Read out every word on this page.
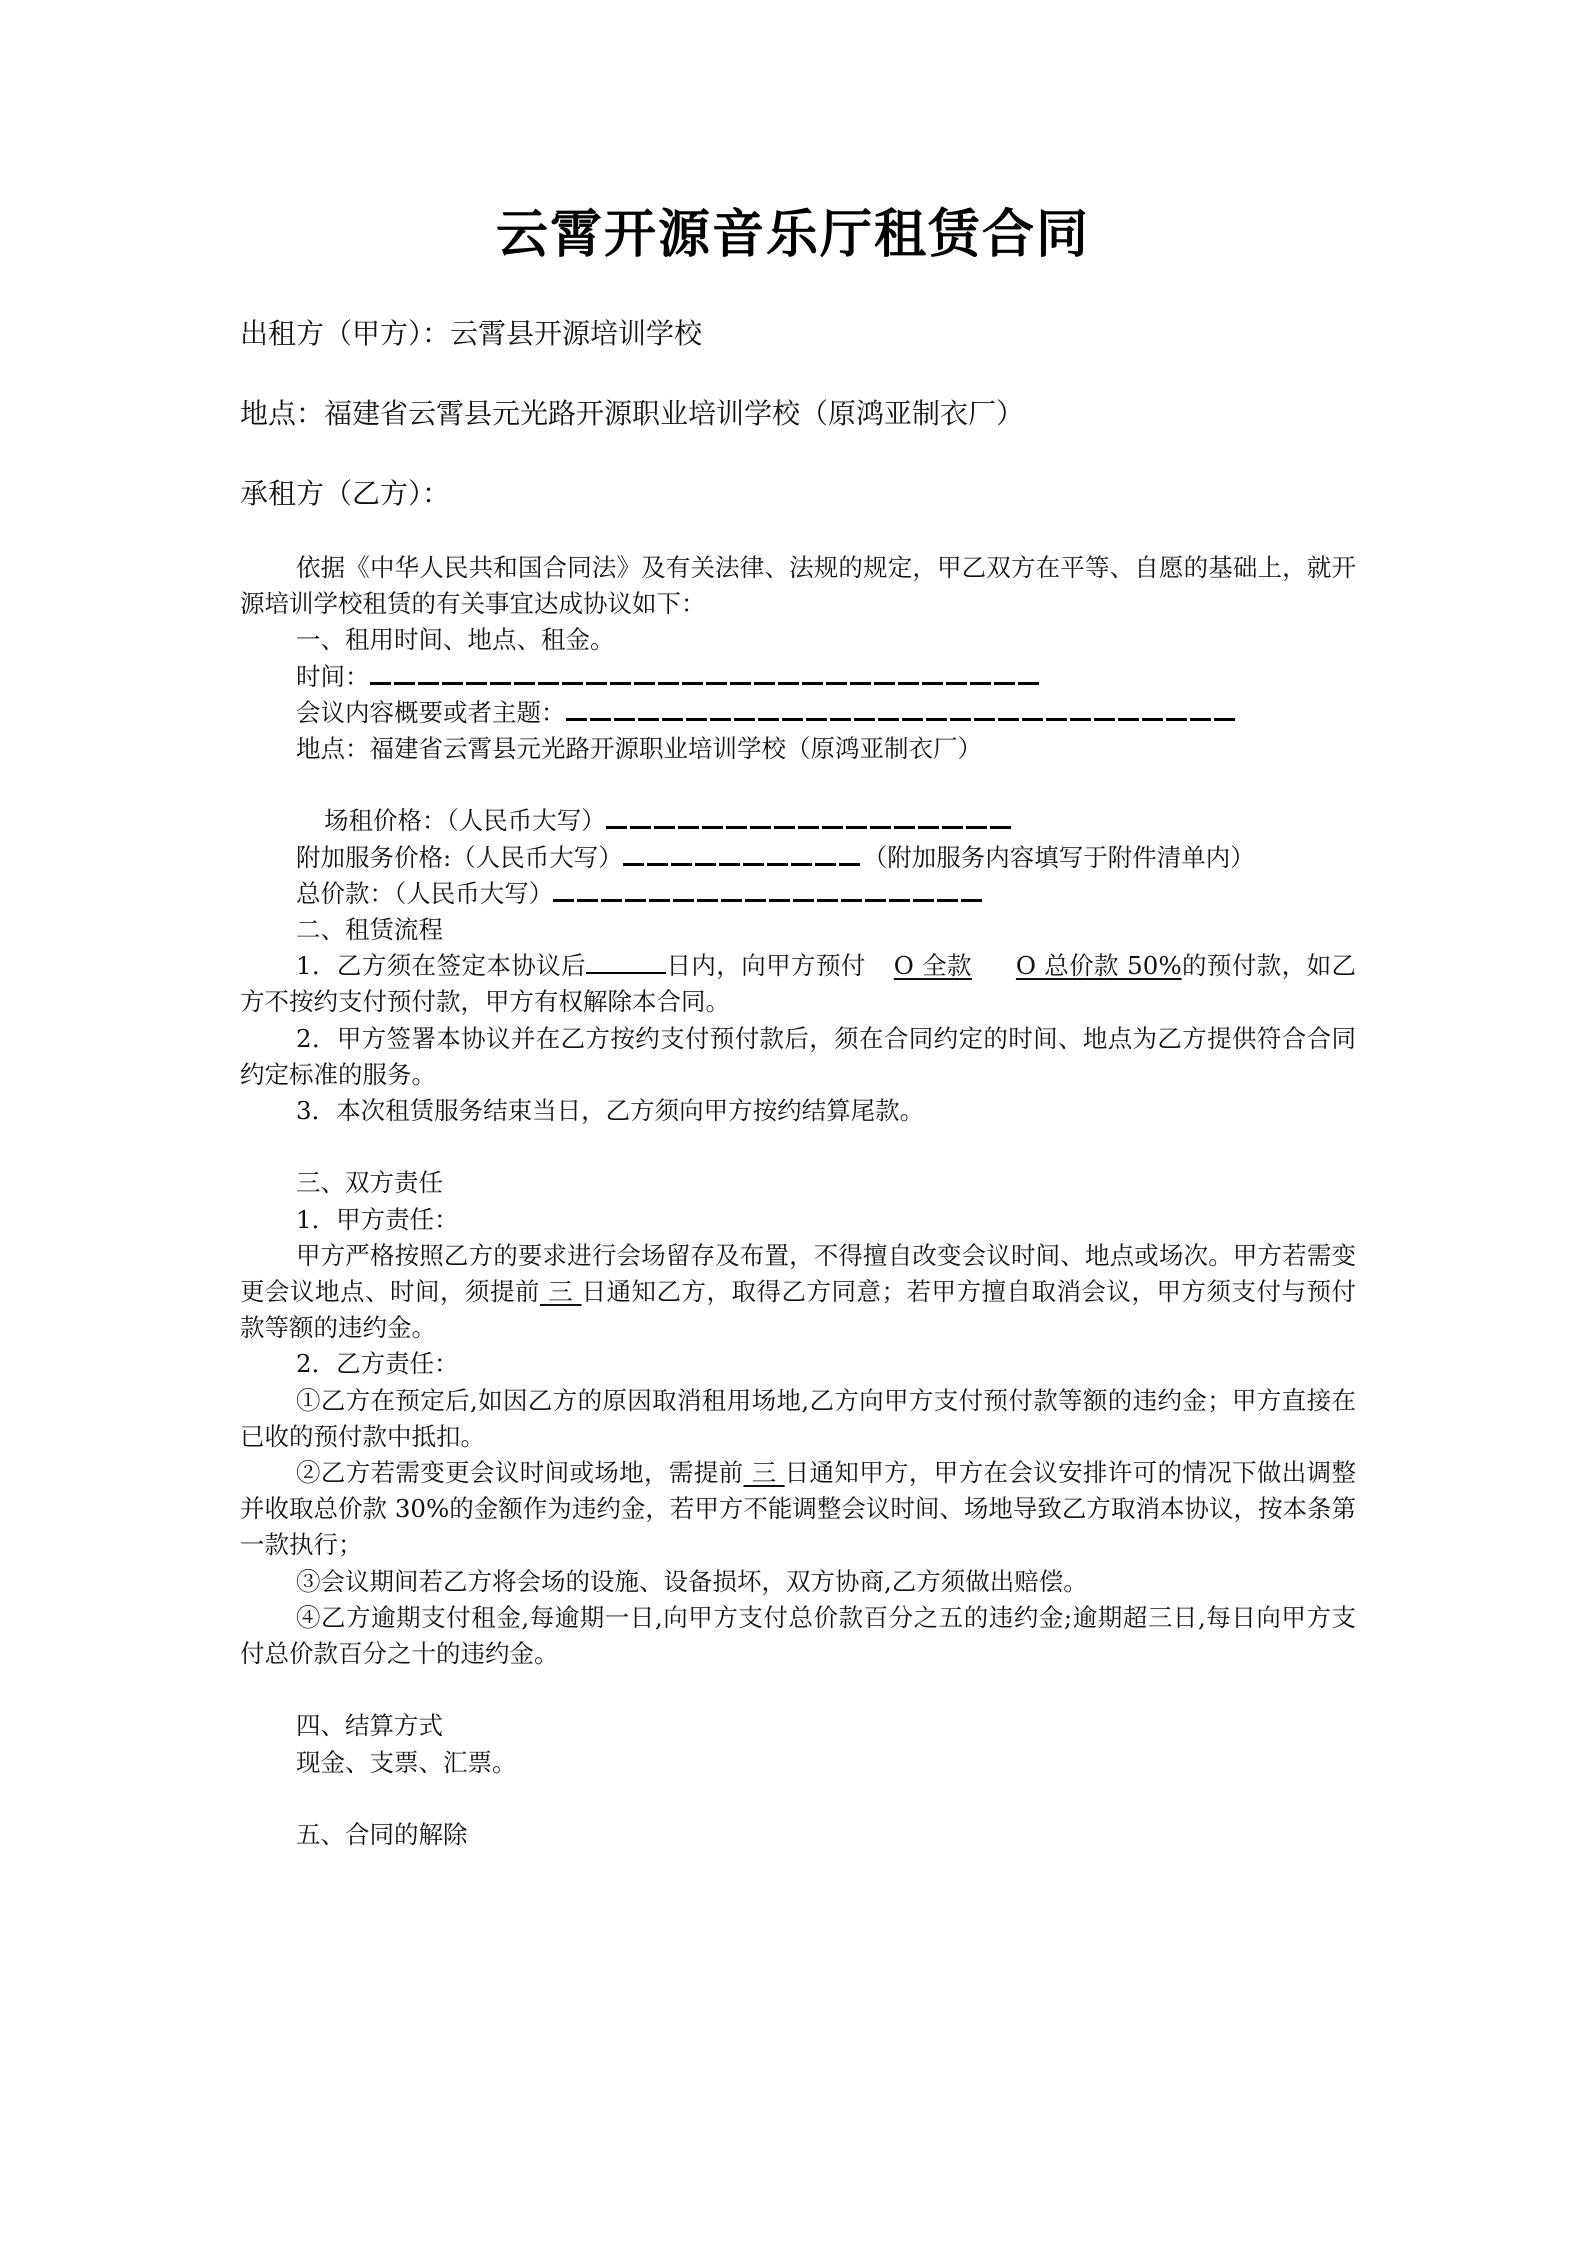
云霄开源音乐厅租赁合同
出租方（甲方）：云霄县开源培训学校
地点：福建省云霄县元光路开源职业培训学校（原鸿亚制衣厂）
承租方（乙方）：

依据《中华人民共和国合同法》及有关法律、法规的规定，甲乙双方在平等、自愿的基础上，就开源培训学校租赁的有关事宜达成协议如下：

一、租用时间、地点、租金。

时间：

会议内容概要或者主题：

地点：福建省云霄县元光路开源职业培训学校（原鸿亚制衣厂）

场租价格：（人民币大写）

附加服务价格:（人民币大写）	（附加服务内容填写于附件清单内）

总价款：（人民币大写）

二、租赁流程

1．乙方须在签定本协议后	日内，向甲方预付 O 全款 O 总价款 50%的预付款，如乙方不按约支付预付款，甲方有权解除本合同。

2．甲方签署本协议并在乙方按约支付预付款后，须在合同约定的时间、地点为乙方提供符合合同约定标准的服务。

3．本次租赁服务结束当日，乙方须向甲方按约结算尾款。

三、双方责任

1．甲方责任：

甲方严格按照乙方的要求进行会场留存及布置，不得擅自改变会议时间、地点或场次。甲方若需变更会议地点、时间，须提前 三 日通知乙方，取得乙方同意；若甲方擅自取消会议，甲方须支付与预付款等额的违约金。

2．乙方责任：

①乙方在预定后,如因乙方的原因取消租用场地,乙方向甲方支付预付款等额的违约金；甲方直接在已收的预付款中抵扣。

②乙方若需变更会议时间或场地，需提前 三 日通知甲方，甲方在会议安排许可的情况下做出调整并收取总价款 30%的金额作为违约金，若甲方不能调整会议时间、场地导致乙方取消本协议，按本条第一款执行；

③会议期间若乙方将会场的设施、设备损坏，双方协商,乙方须做出赔偿。

④乙方逾期支付租金,每逾期一日,向甲方支付总价款百分之五的违约金;逾期超三日,每日向甲方支付总价款百分之十的违约金。

四、结算方式

现金、支票、汇票。

五、合同的解除
